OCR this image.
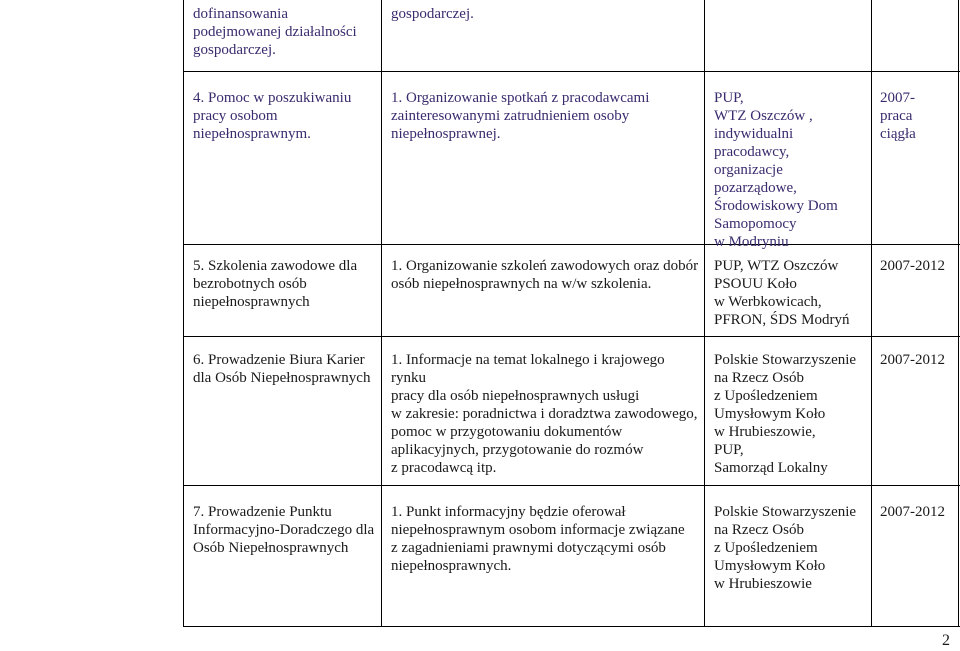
dofinansowania
podejmowanej działalności
gospodarczej.
gospodarczej.
4. Pomoc w poszukiwaniu
pracy osobom
niepełnosprawnym.
1. Organizowanie spotkań z pracodawcami
zainteresowanymi zatrudnieniem osoby
niepełnosprawnej.
PUP,
WTZ Oszczów ,
indywidualni
pracodawcy,
organizacje pozarządowe,
Środowiskowy Dom
Samopomocy
w Modryniu
2007-
praca
ciągła
5. Szkolenia zawodowe dla
bezrobotnych osób
niepełnosprawnych
1. Organizowanie szkoleń zawodowych oraz dobór
osób niepełnosprawnych na w/w szkolenia.
PUP, WTZ Oszczów
PSOUU Koło
w Werbkowicach,
PFRON, ŚDS Modryń
2007-2012
6. Prowadzenie Biura Karier
dla Osób Niepełnosprawnych
1. Informacje na temat lokalnego i krajowego rynku
pracy dla osób niepełnosprawnych usługi
w zakresie: poradnictwa i doradztwa zawodowego,
pomoc w przygotowaniu dokumentów
aplikacyjnych, przygotowanie do rozmów
z pracodawcą itp.
Polskie Stowarzyszenie
na Rzecz Osób
z Upośledzeniem
Umysłowym Koło
w Hrubieszowie,
PUP,
Samorząd Lokalny
2007-2012
7. Prowadzenie Punktu
Informacyjno-Doradczego dla
Osób Niepełnosprawnych
1. Punkt informacyjny będzie oferował
niepełnosprawnym osobom informacje związane
z zagadnieniami prawnymi dotyczącymi osób
niepełnosprawnych.
Polskie Stowarzyszenie
na Rzecz Osób
z Upośledzeniem
Umysłowym Koło
w Hrubieszowie
2007-2012
2
